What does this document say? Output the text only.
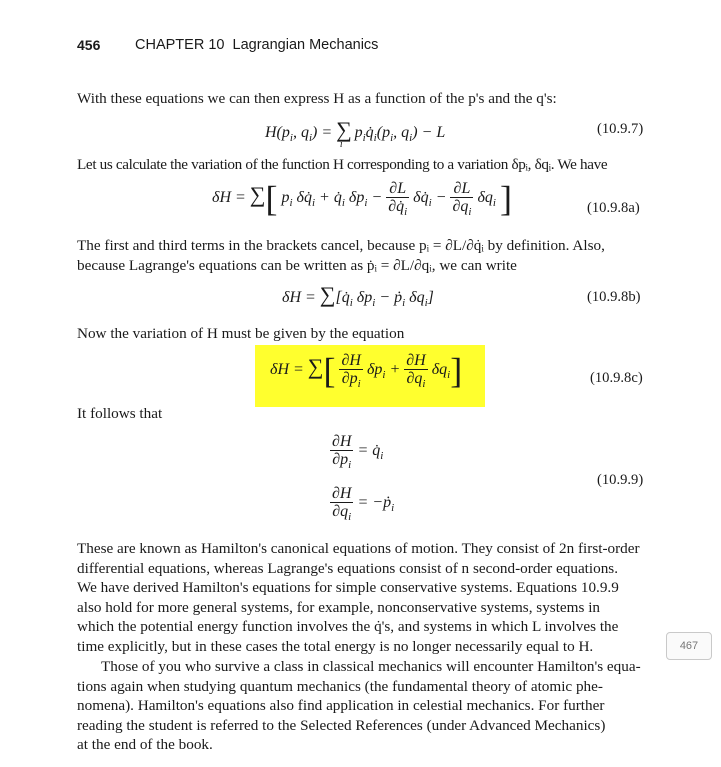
456 CHAPTER 10 Lagrangian Mechanics
With these equations we can then express H as a function of the p's and the q's:
$H(p_i$, $q_i$) = $\sum_ip_iq̇_i(p_i$, $q_i) - L$	(10.9.7)
Let us calculate the variation of the function H corresponding to a variation δpᵢ, δqᵢ. We have
δH = ∑[ $p_i$ $\delta q̇_i$ + $q̇_i$ $\delta p_i - \frac{\partial L}{\partial q̇_i}$ $\delta q̇_i - \frac{\partial L}{\partial q_i} \delta q_i$ ]	(10.9.8a)
The first and third terms in the brackets cancel, because pᵢ = ∂L/∂q̇ᵢ by definition. Also,
because Lagrange's equations can be written as ṗᵢ = ∂L/∂qᵢ, we can write
$\delta H = \sum[q̇_i$ $\delta p_i$ − ṗ$_i$ $\delta q_i$]	(10.9.8b)
Now the variation of H must be given by the equation
δH = ∑[ $\frac{\partial H}{\partial p_i} \delta p_i + \frac{\partial H}{\partial q_i} \delta q_i$]	(10.9.8c)
It follows that
$\frac{\partial H}{\partial p_i}$ = $q̇_i$
$\frac{\partial H}{\partial q_i}$ = −ṗ$_i$
(10.9.9)
These are known as Hamilton's canonical equations of motion. They consist of 2n first-order
differential equations, whereas Lagrange's equations consist of n second-order equations.
We have derived Hamilton's equations for simple conservative systems. Equations 10.9.9
also hold for more general systems, for example, nonconservative systems, systems in
which the potential energy function involves the q̇'s, and systems in which L involves the
time explicitly, but in these cases the total energy is no longer necessarily equal to H.
Those of you who survive a class in classical mechanics will encounter Hamilton's equa-
tions again when studying quantum mechanics (the fundamental theory of atomic phe-
nomena). Hamilton's equations also find application in celestial mechanics. For further
reading the student is referred to the Selected References (under Advanced Mechanics)
at the end of the book.
467
